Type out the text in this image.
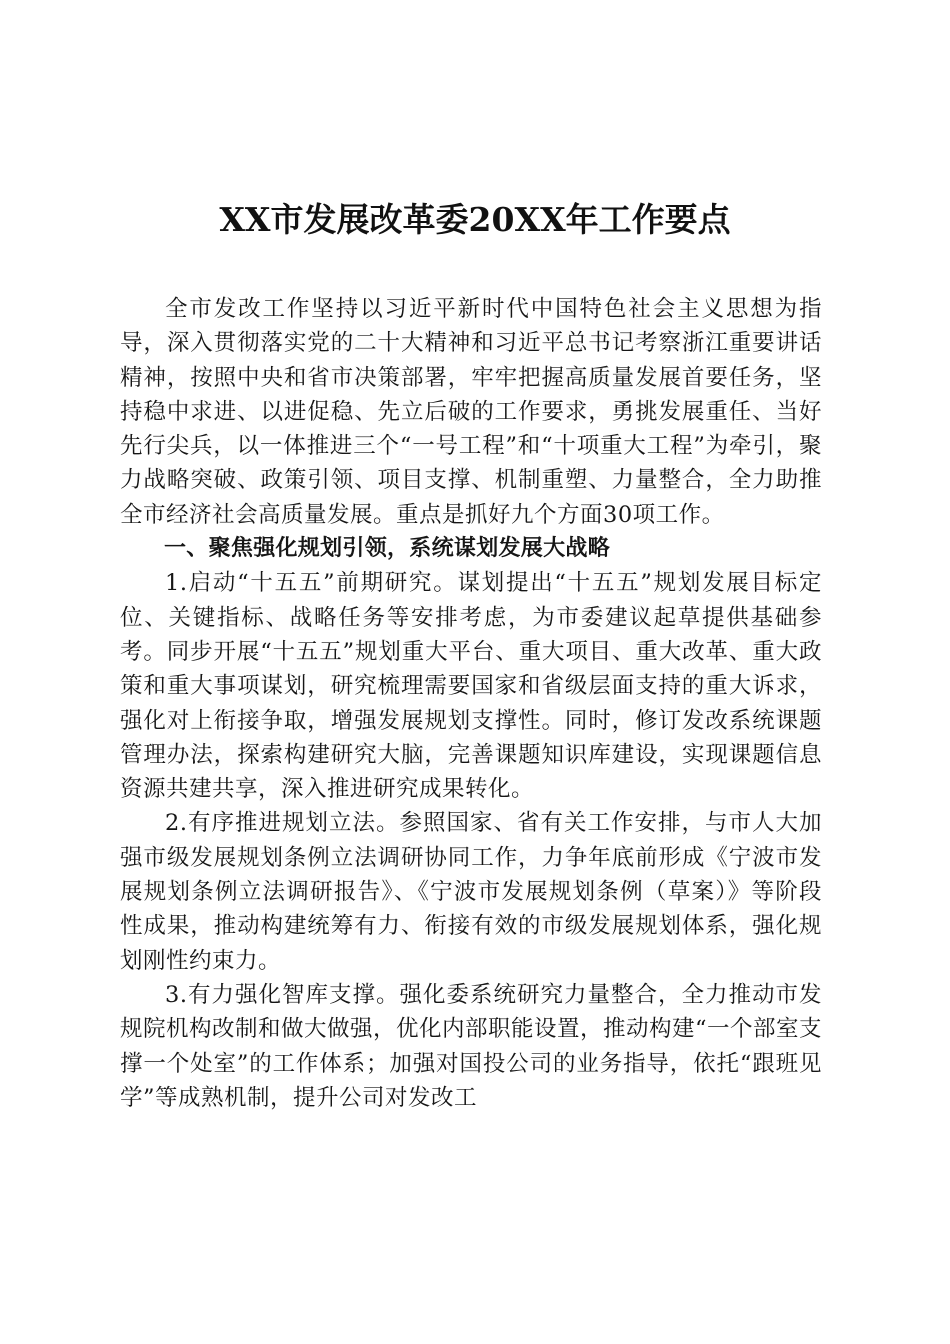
XX市发展改革委20XX年工作要点

全市发改工作坚持以习近平新时代中国特色社会主义思想为指导，深入贯彻落实党的二十大精神和习近平总书记考察浙江重要讲话精神，按照中央和省市决策部署，牢牢把握高质量发展首要任务，坚持稳中求进、以进促稳、先立后破的工作要求，勇挑发展重任、当好先行尖兵，以一体推进三个“一号工程”和“十项重大工程”为牵引，聚力战略突破、政策引领、项目支撑、机制重塑、力量整合，全力助推全市经济社会高质量发展。重点是抓好九个方面30项工作。

一、聚焦强化规划引领，系统谋划发展大战略

1.启动“十五五”前期研究。谋划提出“十五五”规划发展目标定位、关键指标、战略任务等安排考虑，为市委建议起草提供基础参考。同步开展“十五五”规划重大平台、重大项目、重大改革、重大政策和重大事项谋划，研究梳理需要国家和省级层面支持的重大诉求，强化对上衔接争取，增强发展规划支撑性。同时，修订发改系统课题管理办法，探索构建研究大脑，完善课题知识库建设，实现课题信息资源共建共享，深入推进研究成果转化。

2.有序推进规划立法。参照国家、省有关工作安排，与市人大加强市级发展规划条例立法调研协同工作，力争年底前形成《宁波市发展规划条例立法调研报告》、《宁波市发展规划条例（草案）》等阶段性成果，推动构建统筹有力、衔接有效的市级发展规划体系，强化规划刚性约束力。

3.有力强化智库支撑。强化委系统研究力量整合，全力推动市发规院机构改制和做大做强，优化内部职能设置，推动构建“一个部室支撑一个处室”的工作体系；加强对国投公司的业务指导，依托“跟班见学”等成熟机制，提升公司对发改工
